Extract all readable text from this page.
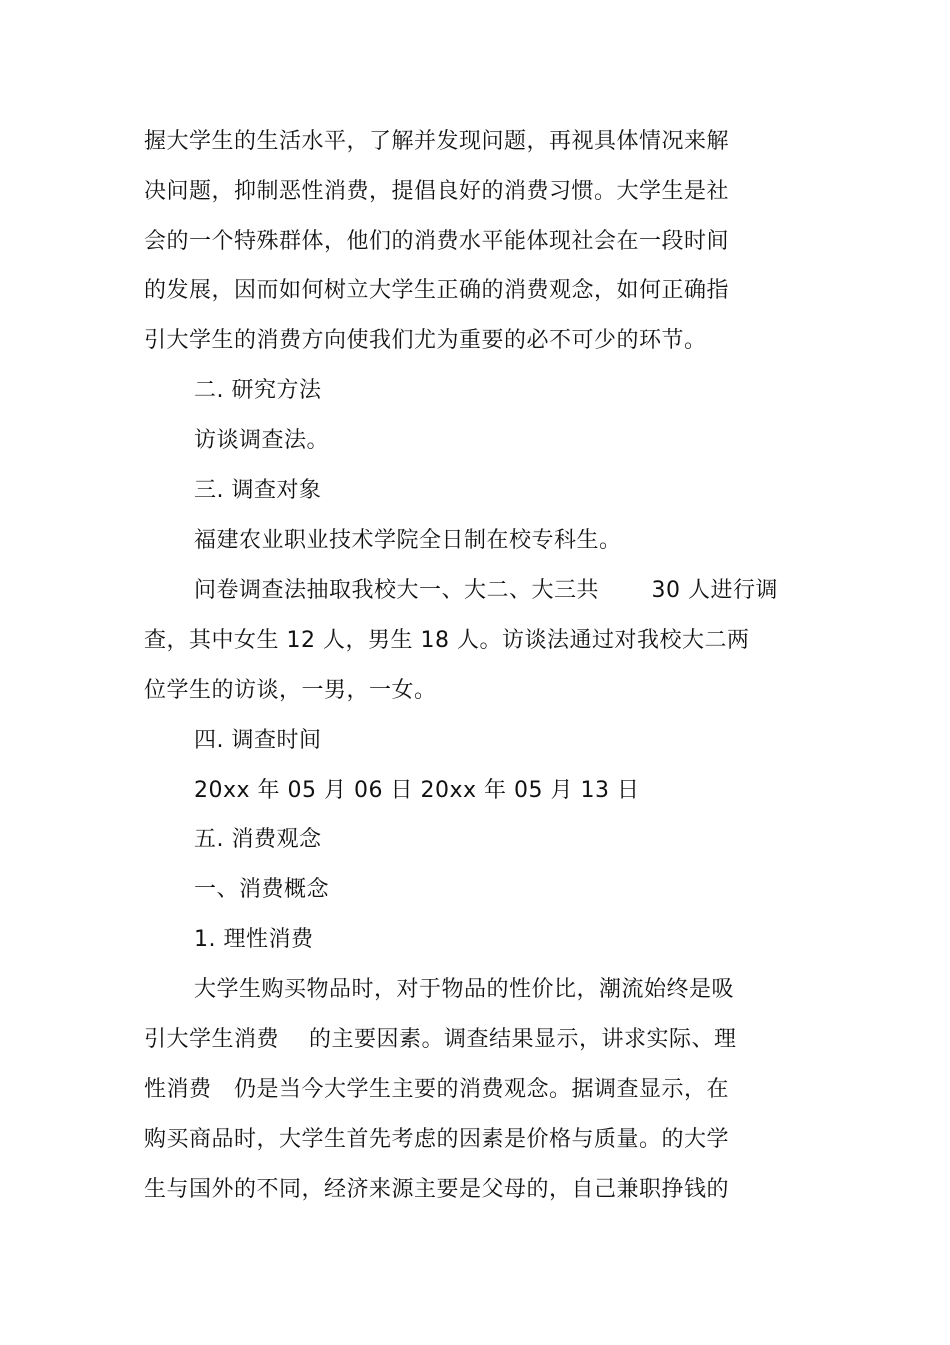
握大学生的生活水平，了解并发现问题，再视具体情况来解
决问题，抑制恶性消费，提倡良好的消费习惯。大学生是社
会的一个特殊群体，他们的消费水平能体现社会在一段时间
的发展，因而如何树立大学生正确的消费观念，如何正确指
引大学生的消费方向使我们尤为重要的必不可少的环节。
二. 研究方法
访谈调查法。
三. 调查对象
福建农业职业技术学院全日制在校专科生。
问卷调查法抽取我校大一、大二、大三共　　 30 人进行调
查，其中女生 12 人，男生 18 人。访谈法通过对我校大二两
位学生的访谈，一男，一女。
四. 调查时间
20xx 年 05 月 06 日 20xx 年 05 月 13 日
五. 消费观念
一、消费概念
1. 理性消费
大学生购买物品时，对于物品的性价比，潮流始终是吸
引大学生消费　 的主要因素。调查结果显示，讲求实际、理
性消费　仍是当今大学生主要的消费观念。据调查显示，在
购买商品时，大学生首先考虑的因素是价格与质量。的大学
生与国外的不同，经济来源主要是父母的，自己兼职挣钱的
